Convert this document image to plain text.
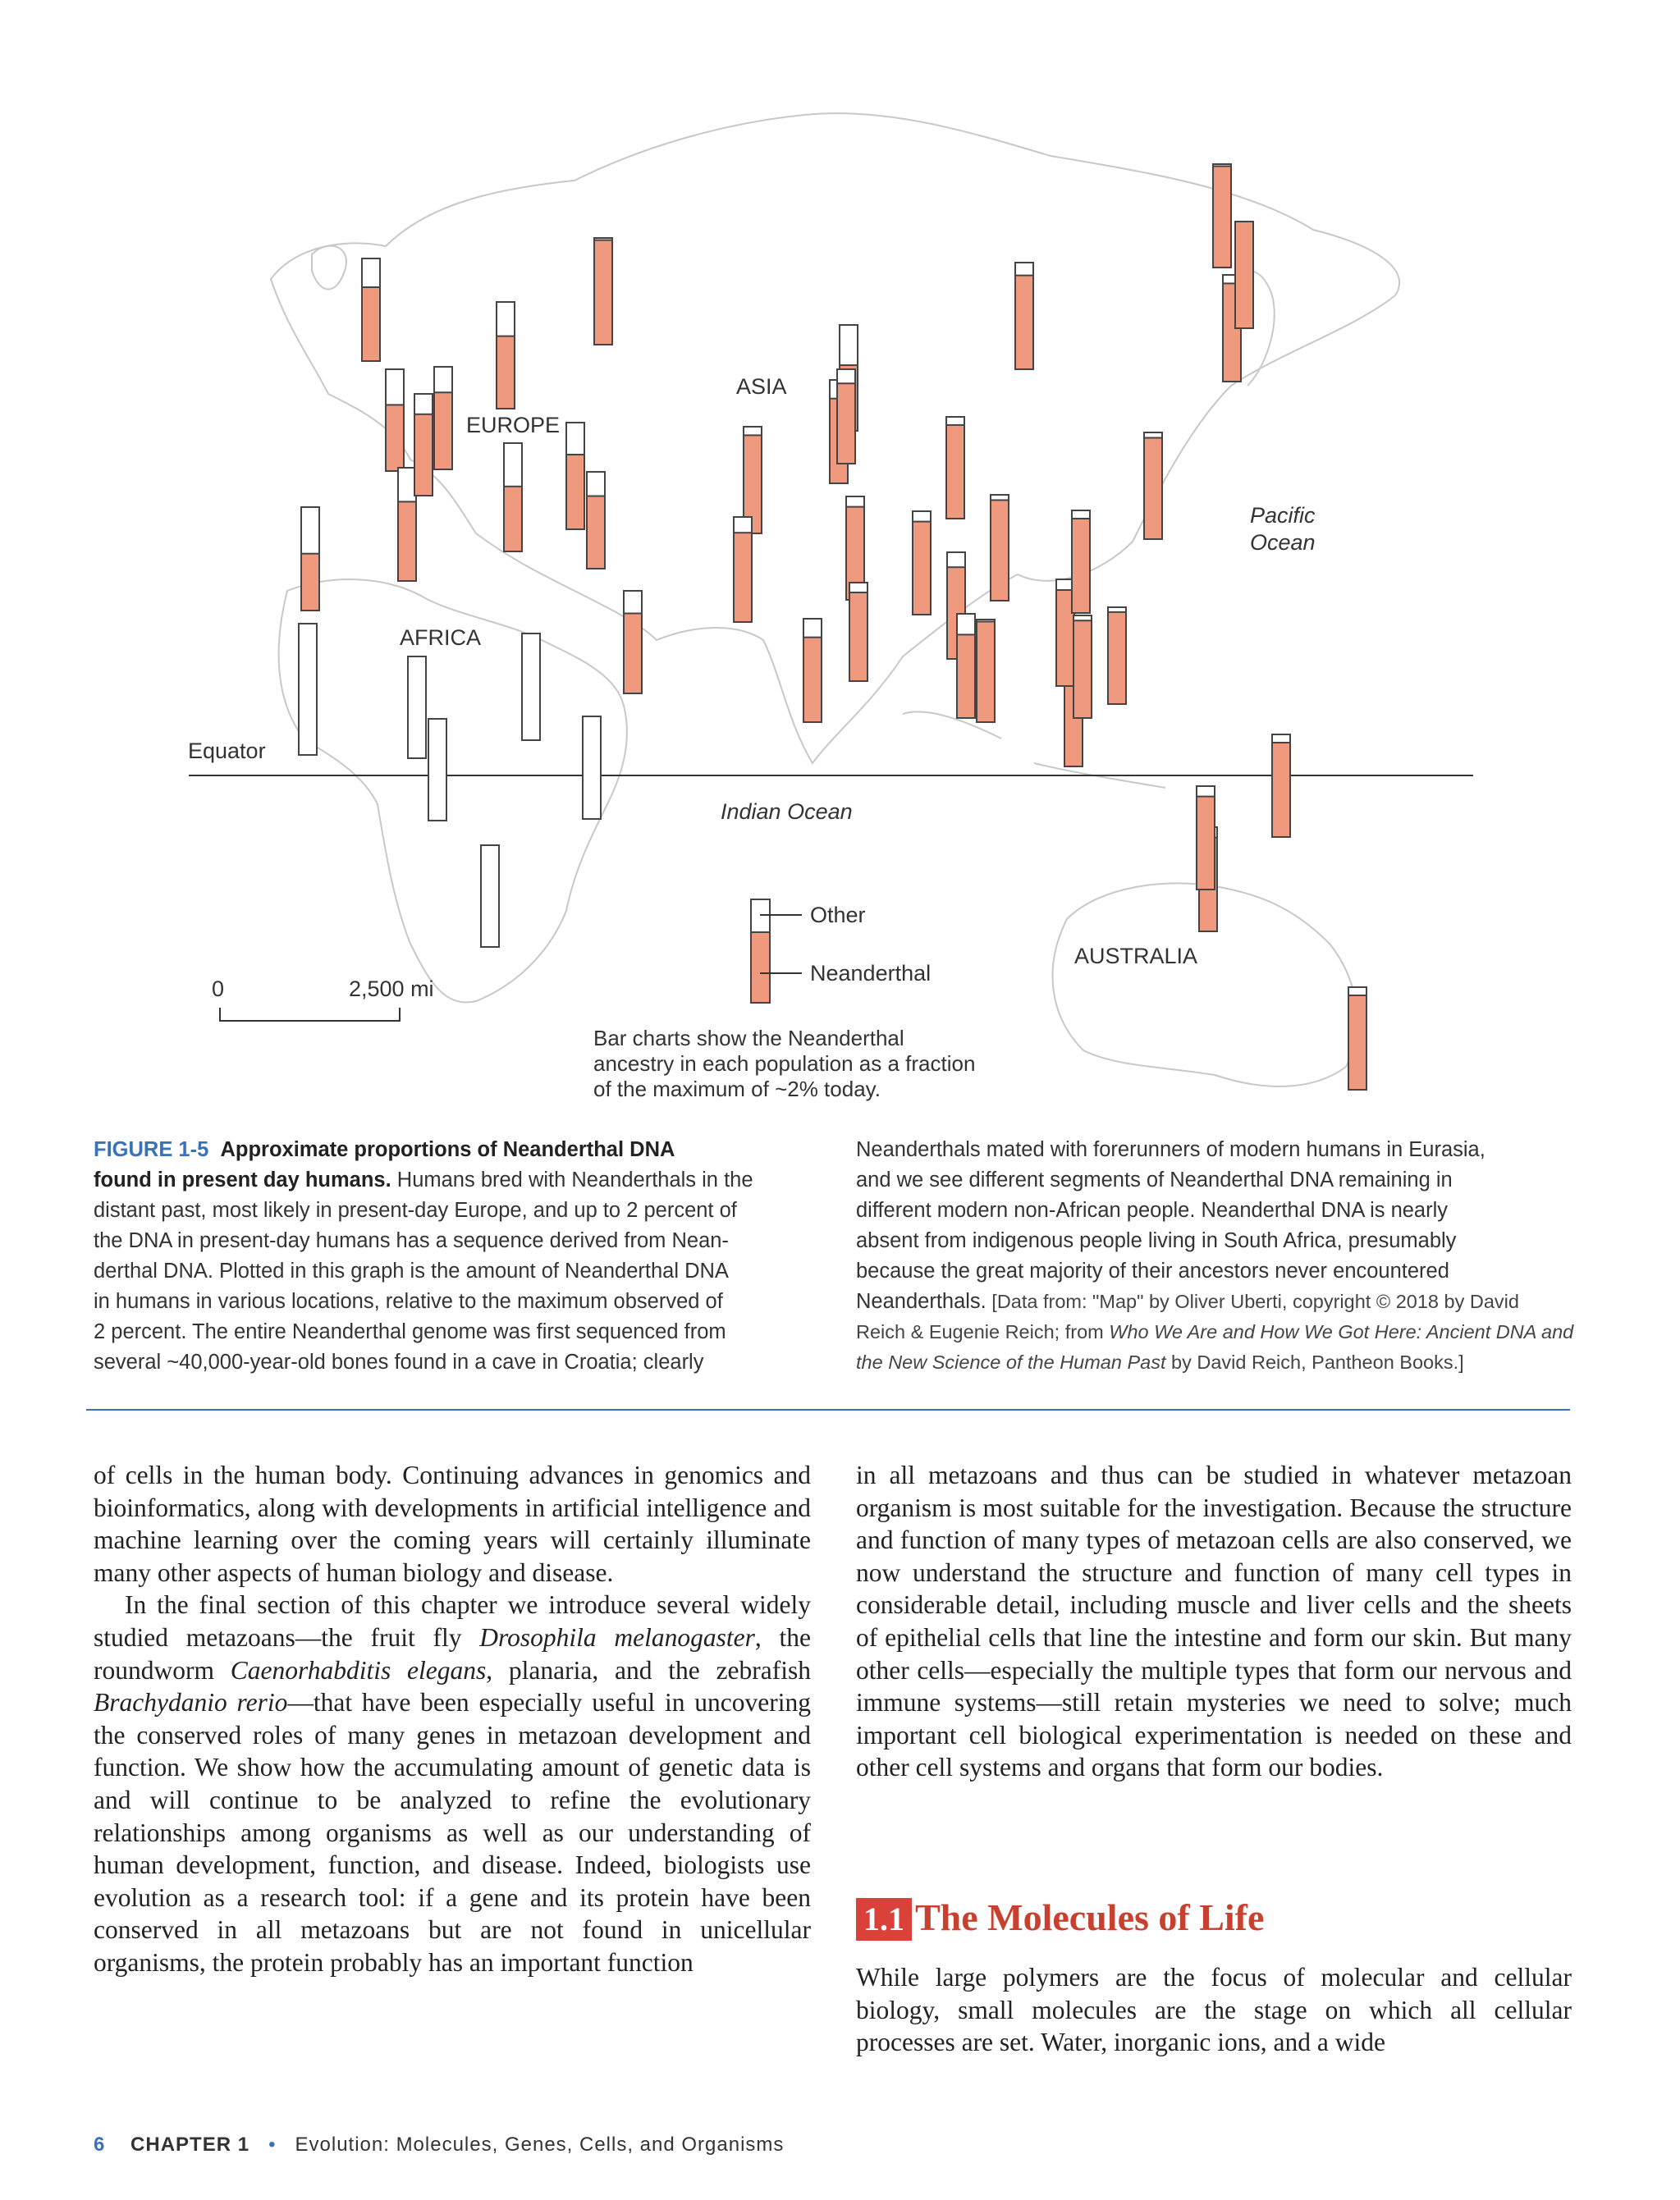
Equator
ASIA
EUROPE
AFRICA
Indian Ocean
Pacific
Ocean
AUSTRALIA
0	2,500 mi
Other
Neanderthal
Bar charts show the Neanderthal
ancestry in each population as a fraction
of the maximum of ~2% today.
FIGURE 1-5 Approximate proportions of Neanderthal DNA
found in present day humans. Humans bred with Neanderthals in the
distant past, most likely in present-day Europe, and up to 2 percent of
the DNA in present-day humans has a sequence derived from Nean-
derthal DNA. Plotted in this graph is the amount of Neanderthal DNA
in humans in various locations, relative to the maximum observed of
2 percent. The entire Neanderthal genome was first sequenced from
several ~40,000-year-old bones found in a cave in Croatia; clearly
Neanderthals mated with forerunners of modern humans in Eurasia,
and we see different segments of Neanderthal DNA remaining in
different modern non-African people. Neanderthal DNA is nearly
absent from indigenous people living in South Africa, presumably
because the great majority of their ancestors never encountered
Neanderthals. [Data from: "Map" by Oliver Uberti, copyright © 2018 by David
Reich & Eugenie Reich; from Who We Are and How We Got Here: Ancient DNA and
the New Science of the Human Past by David Reich, Pantheon Books.]

of cells in the human body. Continuing advances in genomics and bioinformatics, along with developments in artificial intelligence and machine learning over the coming years will certainly illuminate many other aspects of human biology and disease.

In the final section of this chapter we introduce several widely studied metazoans—the fruit fly Drosophila melanogaster, the roundworm Caenorhabditis elegans, planaria, and the zebrafish Brachydanio rerio—that have been especially useful in uncovering the conserved roles of many genes in metazoan development and function. We show how the accumulating amount of genetic data is and will continue to be analyzed to refine the evolutionary relationships among organisms as well as our understanding of human development, function, and disease. Indeed, biologists use evolution as a research tool: if a gene and its protein have been conserved in all metazoans but are not found in unicellular organisms, the protein probably has an important function

in all metazoans and thus can be studied in whatever metazoan organism is most suitable for the investigation. Because the structure and function of many types of metazoan cells are also conserved, we now understand the structure and function of many cell types in considerable detail, including muscle and liver cells and the sheets of epithelial cells that line the intestine and form our skin. But many other cells—especially the multiple types that form our nervous and immune systems—still retain mysteries we need to solve; much important cell biological experimentation is needed on these and other cell systems and organs that form our bodies.

1.1 The Molecules of Life

While large polymers are the focus of molecular and cellular biology, small molecules are the stage on which all cellular processes are set. Water, inorganic ions, and a wide

6 CHAPTER 1 • Evolution: Molecules, Genes, Cells, and Organisms
